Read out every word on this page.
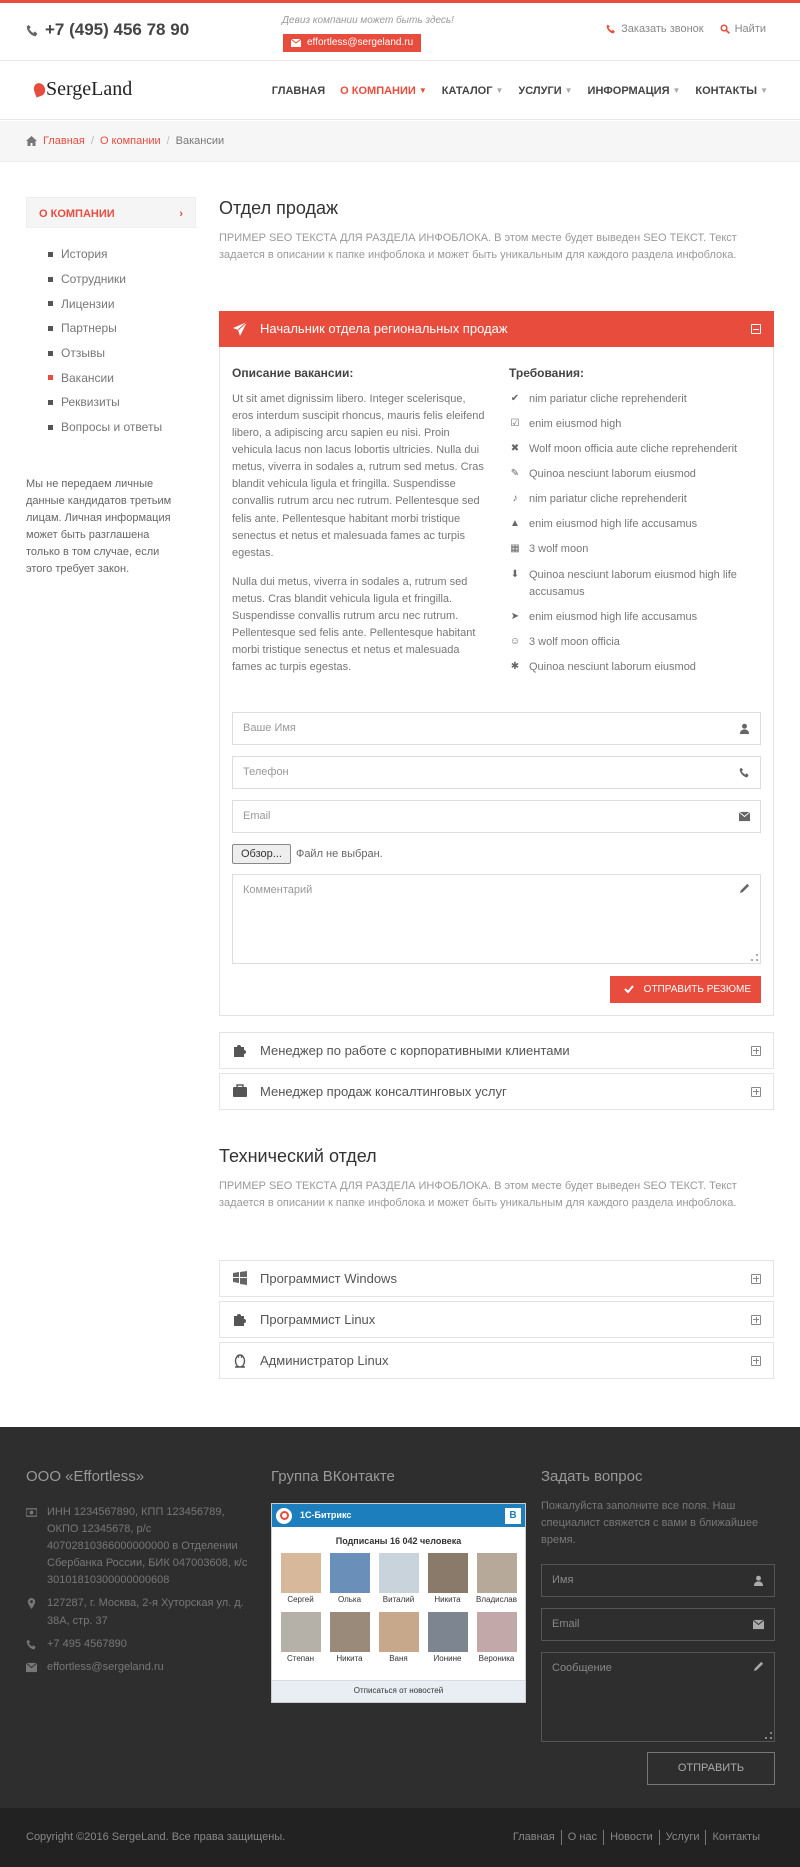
+7 (495) 456 78 90	Девиз компании может быть здесь!
effortless@sergeland.ru
Заказать звонок	Найти
SergeLand	ГЛАВНАЯ О КОМПАНИИ ▼ КАТАЛОГ ▼ УСЛУГИ ▼ ИНФОРМАЦИЯ ▼ КОНТАКТЫ ▼
Главная / О компании / Вакансии
О КОМПАНИИ	›
История
Сотрудники
Лицензии
Партнеры
Отзывы
Вакансии
Реквизиты
Вопросы и ответы
Мы не передаем личные данные кандидатов третьим лицам. Личная информация может быть разглашена только в том случае, если этого требует закон.
Отдел продаж
ПРИМЕР SEO ТЕКСТА ДЛЯ РАЗДЕЛА ИНФОБЛОКА. В этом месте будет выведен SEO ТЕКСТ. Текст задается в описании к папке инфоблока и может быть уникальным для каждого раздела инфоблока.
Начальник отдела региональных продаж
Описание вакансии:

Ut sit amet dignissim libero. Integer scelerisque, eros interdum suscipit rhoncus, mauris felis eleifend libero, a adipiscing arcu sapien eu nisi. Proin vehicula lacus non lacus lobortis ultricies. Nulla dui metus, viverra in sodales a, rutrum sed metus. Cras blandit vehicula ligula et fringilla. Suspendisse convallis rutrum arcu nec rutrum. Pellentesque sed felis ante. Pellentesque habitant morbi tristique senectus et netus et malesuada fames ac turpis egestas.

Nulla dui metus, viverra in sodales a, rutrum sed metus. Cras blandit vehicula ligula et fringilla. Suspendisse convallis rutrum arcu nec rutrum. Pellentesque sed felis ante. Pellentesque habitant morbi tristique senectus et netus et malesuada fames ac turpis egestas.

Требования:
✔ nim pariatur cliche reprehenderit
☑ enim eiusmod high
✖ Wolf moon officia aute cliche reprehenderit
✎ Quinoa nesciunt laborum eiusmod
♪	nim pariatur cliche reprehenderit
▲ enim eiusmod high life accusamus
▦ 3 wolf moon
⬇ Quinoa nesciunt laborum eiusmod high life accusamus
➤ enim eiusmod high life accusamus
☺ 3 wolf moon officia
✱ Quinoa nesciunt laborum eiusmod
Ваше Имя
Телефон
Email
Обзор...	Файл не выбран.
Комментарий
ОТПРАВИТЬ РЕЗЮМЕ
Менеджер по работе с корпоративными клиентами
Менеджер продаж консалтинговых услуг
Технический отдел
ПРИМЕР SEO ТЕКСТА ДЛЯ РАЗДЕЛА ИНФОБЛОКА. В этом месте будет выведен SEO ТЕКСТ. Текст задается в описании к папке инфоблока и может быть уникальным для каждого раздела инфоблока.
Программист Windows
Программист Linux
Администратор Linux
ООО «Effortless»
ИНН 1234567890, КПП 123456789, ОКПО 12345678, р/с 40702810366000000000 в Отделении Сбербанка России, БИК 047003608, к/с 30101810300000000608
127287, г. Москва, 2-я Хуторская ул. д. 38А, стр. 37
+7 495 4567890
effortless@sergeland.ru
Группа ВКонтакте
1С-Битрикс	B
Подписаны 16 042 человека
Сергей	Олька	Виталий	Никита Владислав
Степан	Никита	Ваня	Ионине Вероника
Отписаться от новостей
Задать вопрос
Пожалуйста заполните все поля. Наш специалист свяжется с вами в ближайшее время.
Имя
Email
Сообщение
ОТПРАВИТЬ
Copyright ©2016 SergeLand. Все права защищены.	Главная	О нас	Новости	Услуги	Контакты
